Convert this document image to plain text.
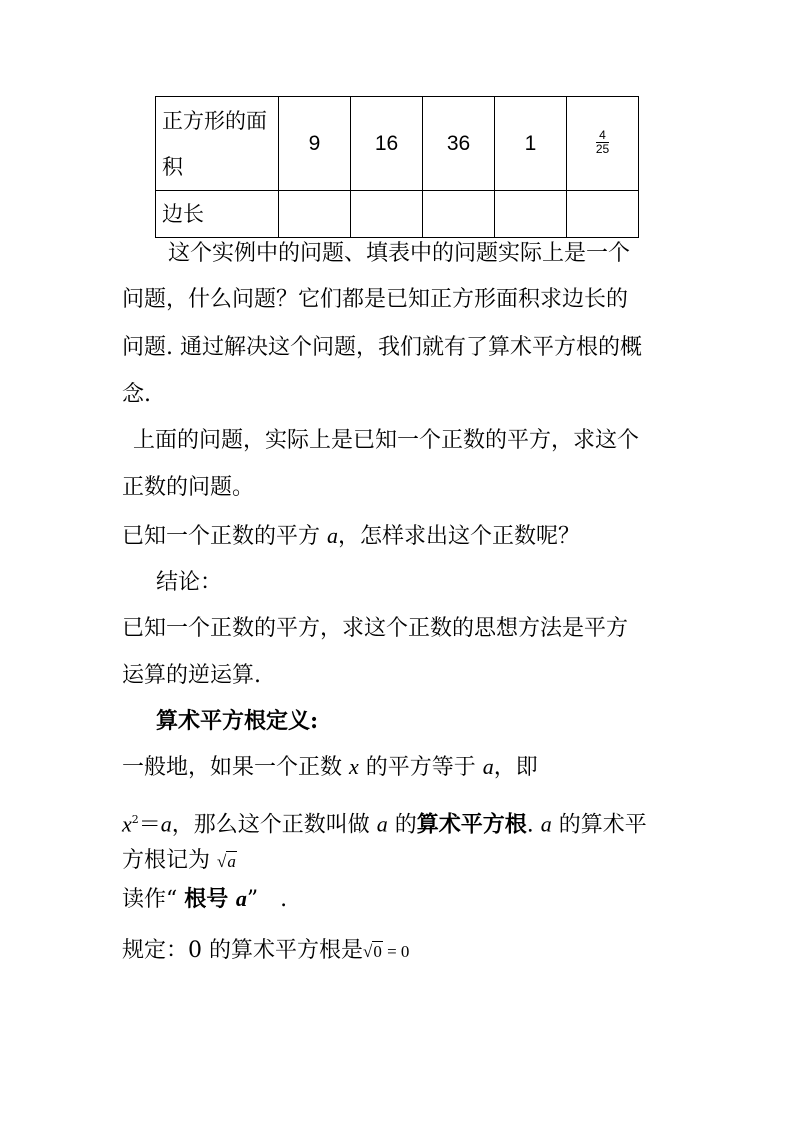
正方形的面积	9	16	36	1	$\frac{4}{25}$

边长					
这个实例中的问题、填表中的问题实际上是一个
问题，什么问题？它们都是已知正方形面积求边长的
问题. 通过解决这个问题，我们就有了算术平方根的概
念.
上面的问题，实际上是已知一个正数的平方，求这个
正数的问题。
已知一个正数的平方 a，怎样求出这个正数呢？
结论：
已知一个正数的平方，求这个正数的思想方法是平方
运算的逆运算.
算术平方根定义:
一般地，如果一个正数 x 的平方等于 a，即
$x^2=a$，那么这个正数叫做 a 的算术平方根. a 的算术平
方根记为 √a
读作“ 根号 a”　.
规定：0 的算术平方根是√0 = 0
